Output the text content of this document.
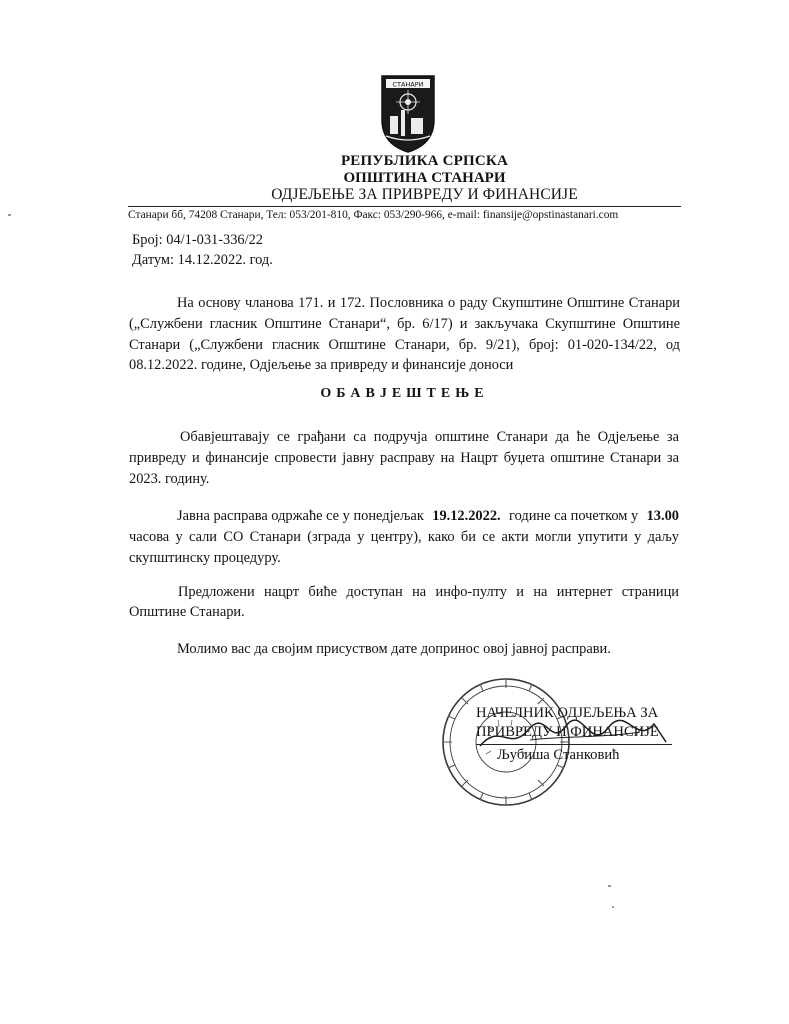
СТАНАРИ
РЕПУБЛИКА СРПСКА
ОПШТИНА СТАНАРИ
ОДЈЕЉЕЊЕ ЗА ПРИВРЕДУ И ФИНАНСИЈЕ
Станари бб, 74208 Станари, Тел: 053/201-810, Факс: 053/290-966, e-mail: finansije@opstinastanari.com
Број: 04/1-031-336/22
Датум: 14.12.2022. год.
На основу чланова 171. и 172. Пословника о раду Скупштине Општине Станари
(„Службени гласник Општине Станари“, бр. 6/17) и закључака Скупштине Општине
Станари („Службени гласник Општине Станари, бр. 9/21), број: 01-020-134/22, од
08.12.2022. године, Одјељење за привреду и финансије доноси
ОБАВЈЕШТЕЊЕ
Обавјештавају се грађани са подручја општине Станари да ће Одјељење за
привреду и финансије спровести јавну расправу на Нацрт буџета општине Станари за
2023. годину.
Јавна расправа одржаће се у понедјељак 19.12.2022. године са почетком у 13.00
часова у сали СО Станари (зграда у центру), како би се акти могли упутити у даљу
скупштинску процедуру.
Предложени нацрт биће доступан на инфо-пулту и на интернет страници
Општине Станари.
Молимо вас да својим присуством дате допринос овој јавној расправи.
НАЧЕЛНИК ОДЈЕЉЕЊА ЗА
ПРИВРЕДУ И ФИНАНСИЈЕ
Љубиша Станковић
